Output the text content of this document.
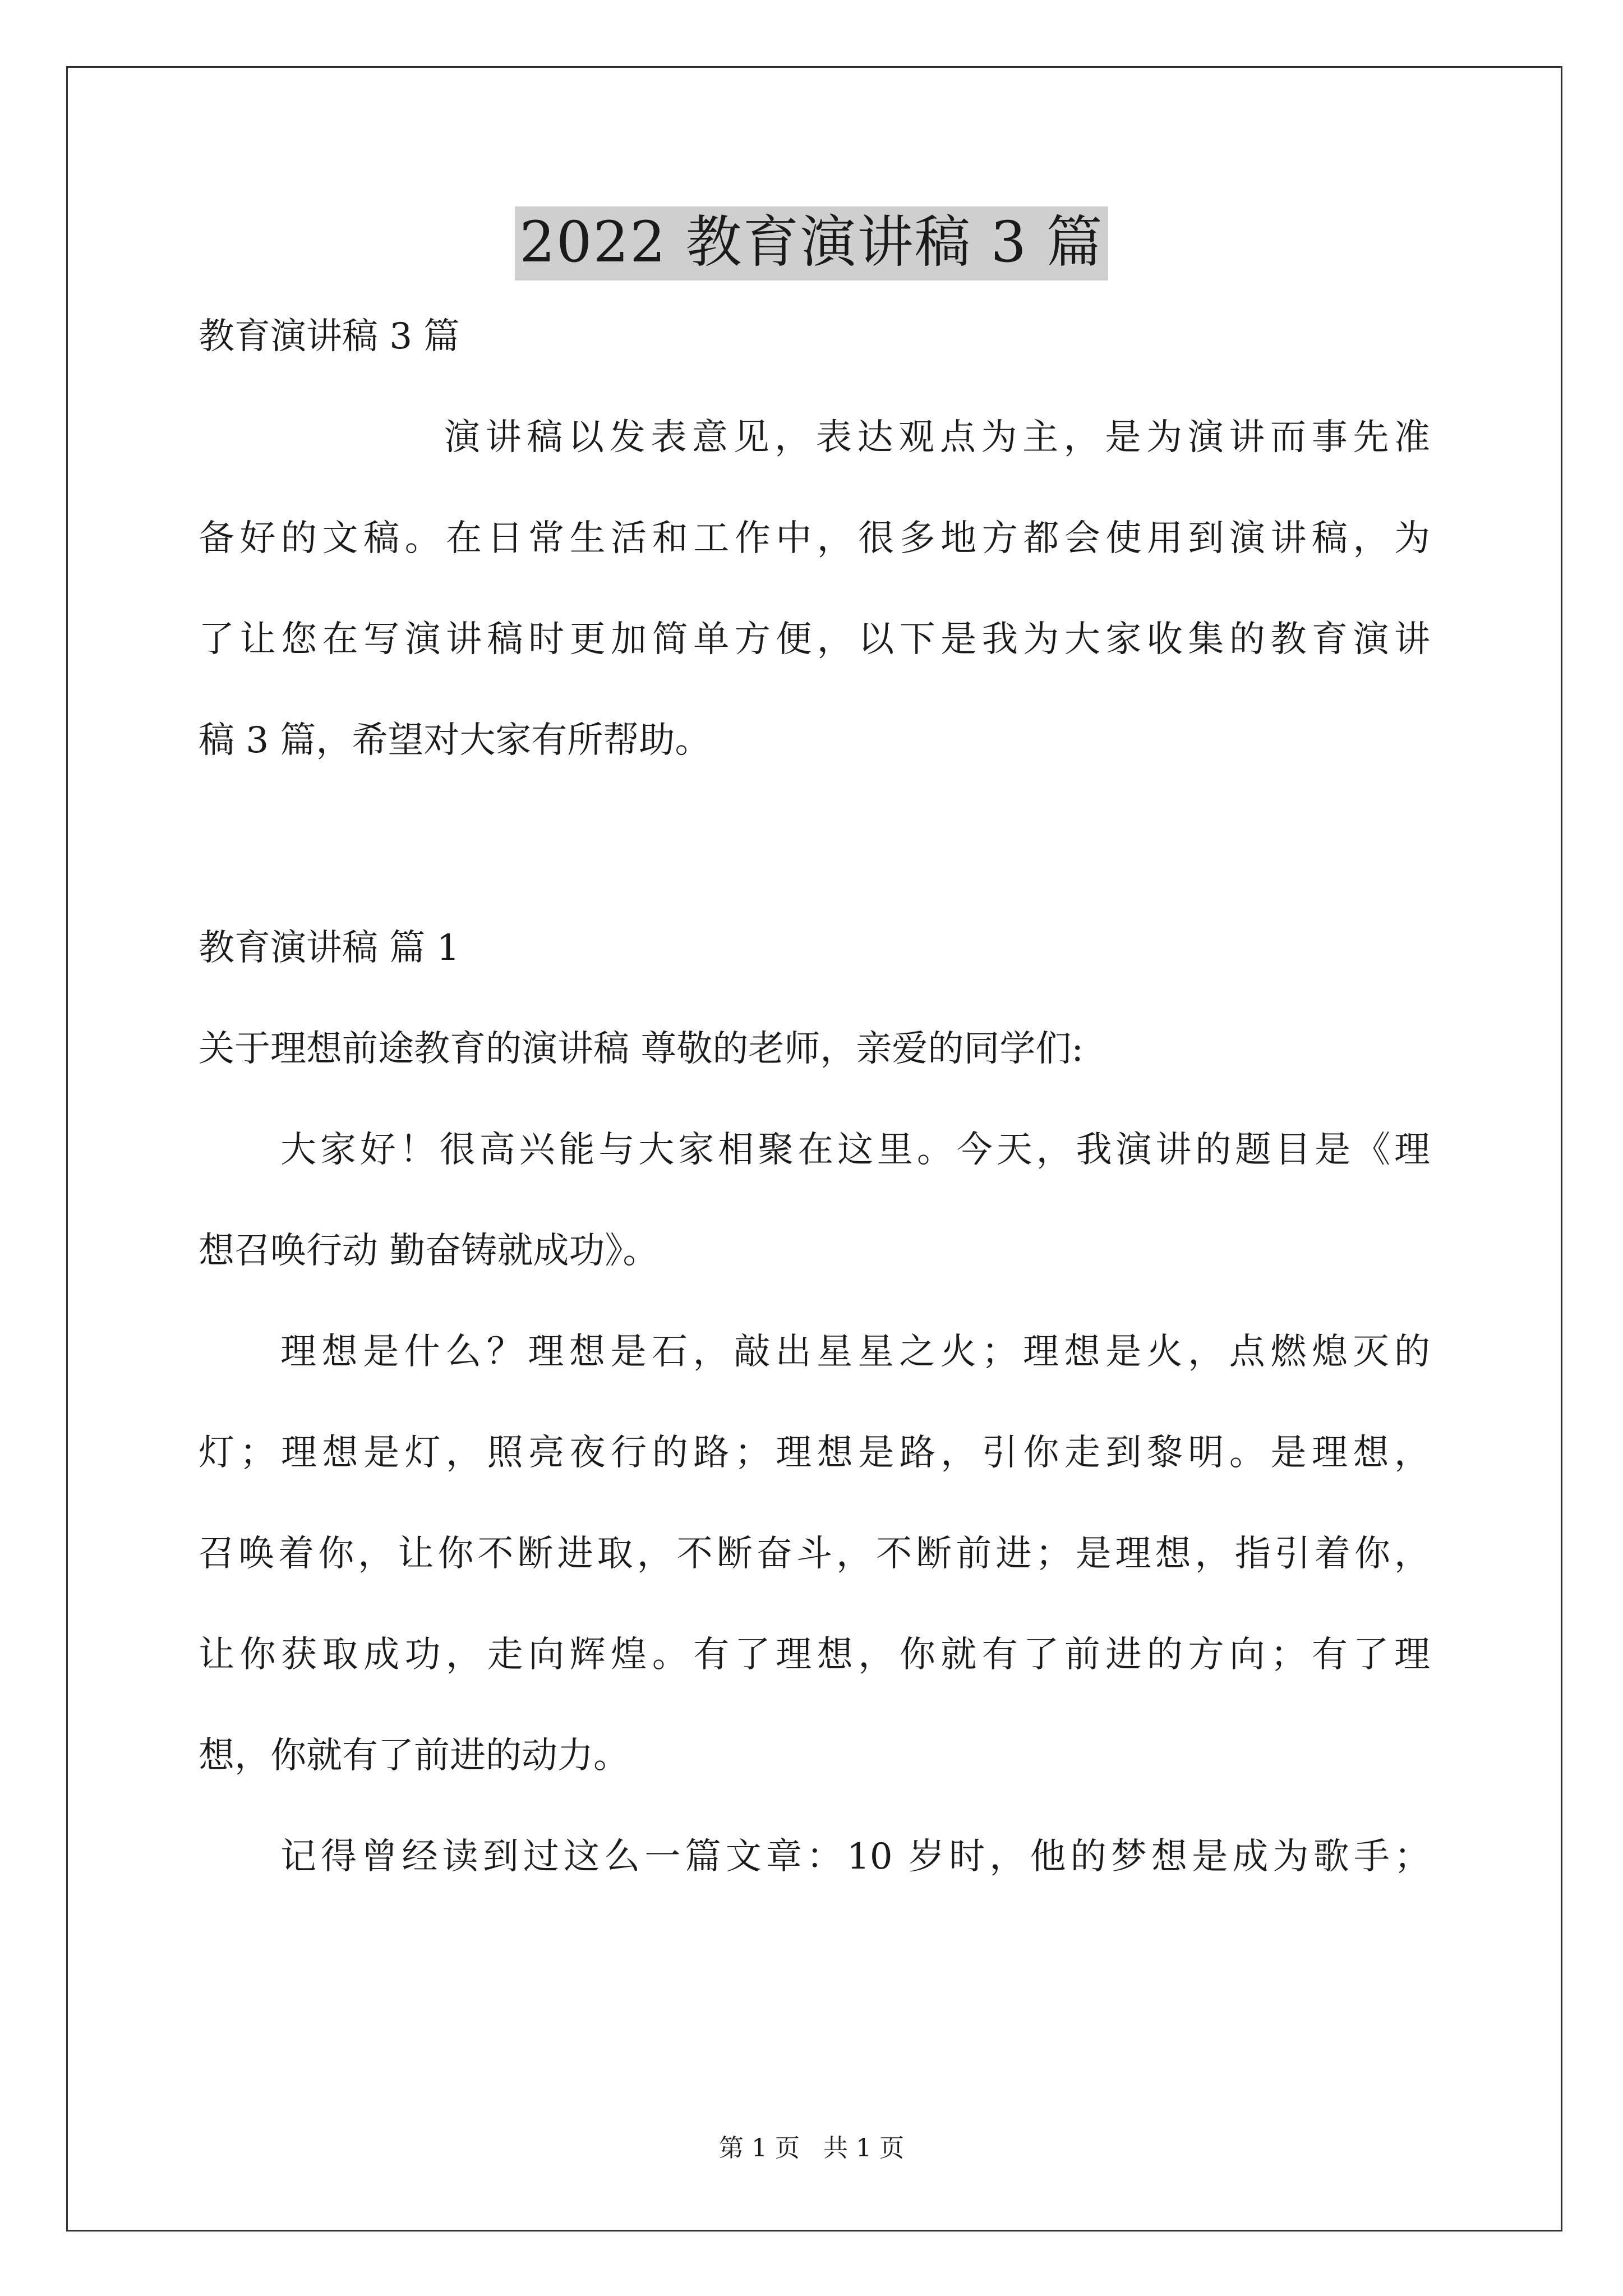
2022 教育演讲稿 3 篇

教育演讲稿 3 篇

演讲稿以发表意见，表达观点为主，是为演讲而事先准

备好的文稿。在日常生活和工作中，很多地方都会使用到演讲稿，为

了让您在写演讲稿时更加简单方便，以下是我为大家收集的教育演讲

稿 3 篇，希望对大家有所帮助。

教育演讲稿 篇 1

关于理想前途教育的演讲稿 尊敬的老师，亲爱的同学们:

大家好！很高兴能与大家相聚在这里。今天，我演讲的题目是《理

想召唤行动 勤奋铸就成功》。

理想是什么？理想是石，敲出星星之火；理想是火，点燃熄灭的

灯；理想是灯，照亮夜行的路；理想是路，引你走到黎明。是理想，

召唤着你，让你不断进取，不断奋斗，不断前进；是理想，指引着你，

让你获取成功，走向辉煌。有了理想，你就有了前进的方向；有了理

想，你就有了前进的动力。

记得曾经读到过这么一篇文章：10 岁时，他的梦想是成为歌手；

第 1 页 共 1 页
